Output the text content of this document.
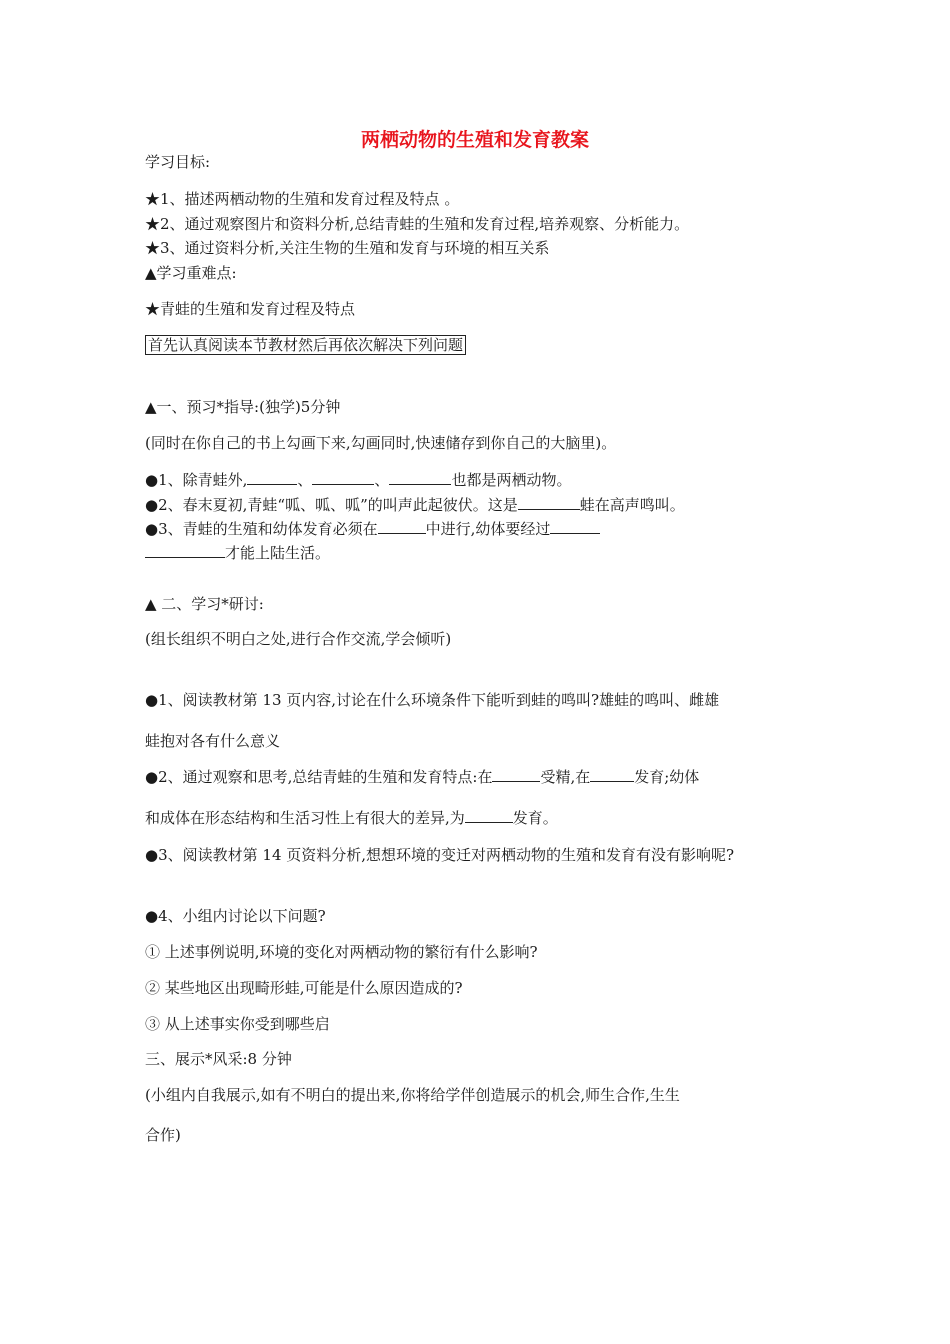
两栖动物的生殖和发育教案
学习目标:
★1、描述两栖动物的生殖和发育过程及特点 。
★2、通过观察图片和资料分析,总结青蛙的生殖和发育过程,培养观察、分析能力。
★3、通过资料分析,关注生物的生殖和发育与环境的相互关系
▲学习重难点:
★青蛙的生殖和发育过程及特点
首先认真阅读本节教材然后再依次解决下列问题
▲一、预习*指导:(独学)5分钟
(同时在你自己的书上勾画下来,勾画同时,快速储存到你自己的大脑里)。
●1、除青蛙外,	、	、	也都是两栖动物。
●2、春末夏初,青蛙“呱、呱、呱”的叫声此起彼伏。这是	蛙在高声鸣叫。
●3、青蛙的生殖和幼体发育必须在	中进行,幼体要经过
才能上陆生活。
▲ 二、学习*研讨:
(组长组织不明白之处,进行合作交流,学会倾听)
●1、阅读教材第 13 页内容,讨论在什么环境条件下能听到蛙的鸣叫?雄蛙的鸣叫、雌雄
蛙抱对各有什么意义
●2、通过观察和思考,总结青蛙的生殖和发育特点:在	受精,在	发育;幼体
和成体在形态结构和生活习性上有很大的差异,为	发育。
●3、阅读教材第 14 页资料分析,想想环境的变迁对两栖动物的生殖和发育有没有影响呢?
●4、小组内讨论以下问题?
① 上述事例说明,环境的变化对两栖动物的繁衍有什么影响?
② 某些地区出现畸形蛙,可能是什么原因造成的?
③ 从上述事实你受到哪些启
三、展示*风采:8 分钟
(小组内自我展示,如有不明白的提出来,你将给学伴创造展示的机会,师生合作,生生
合作)
